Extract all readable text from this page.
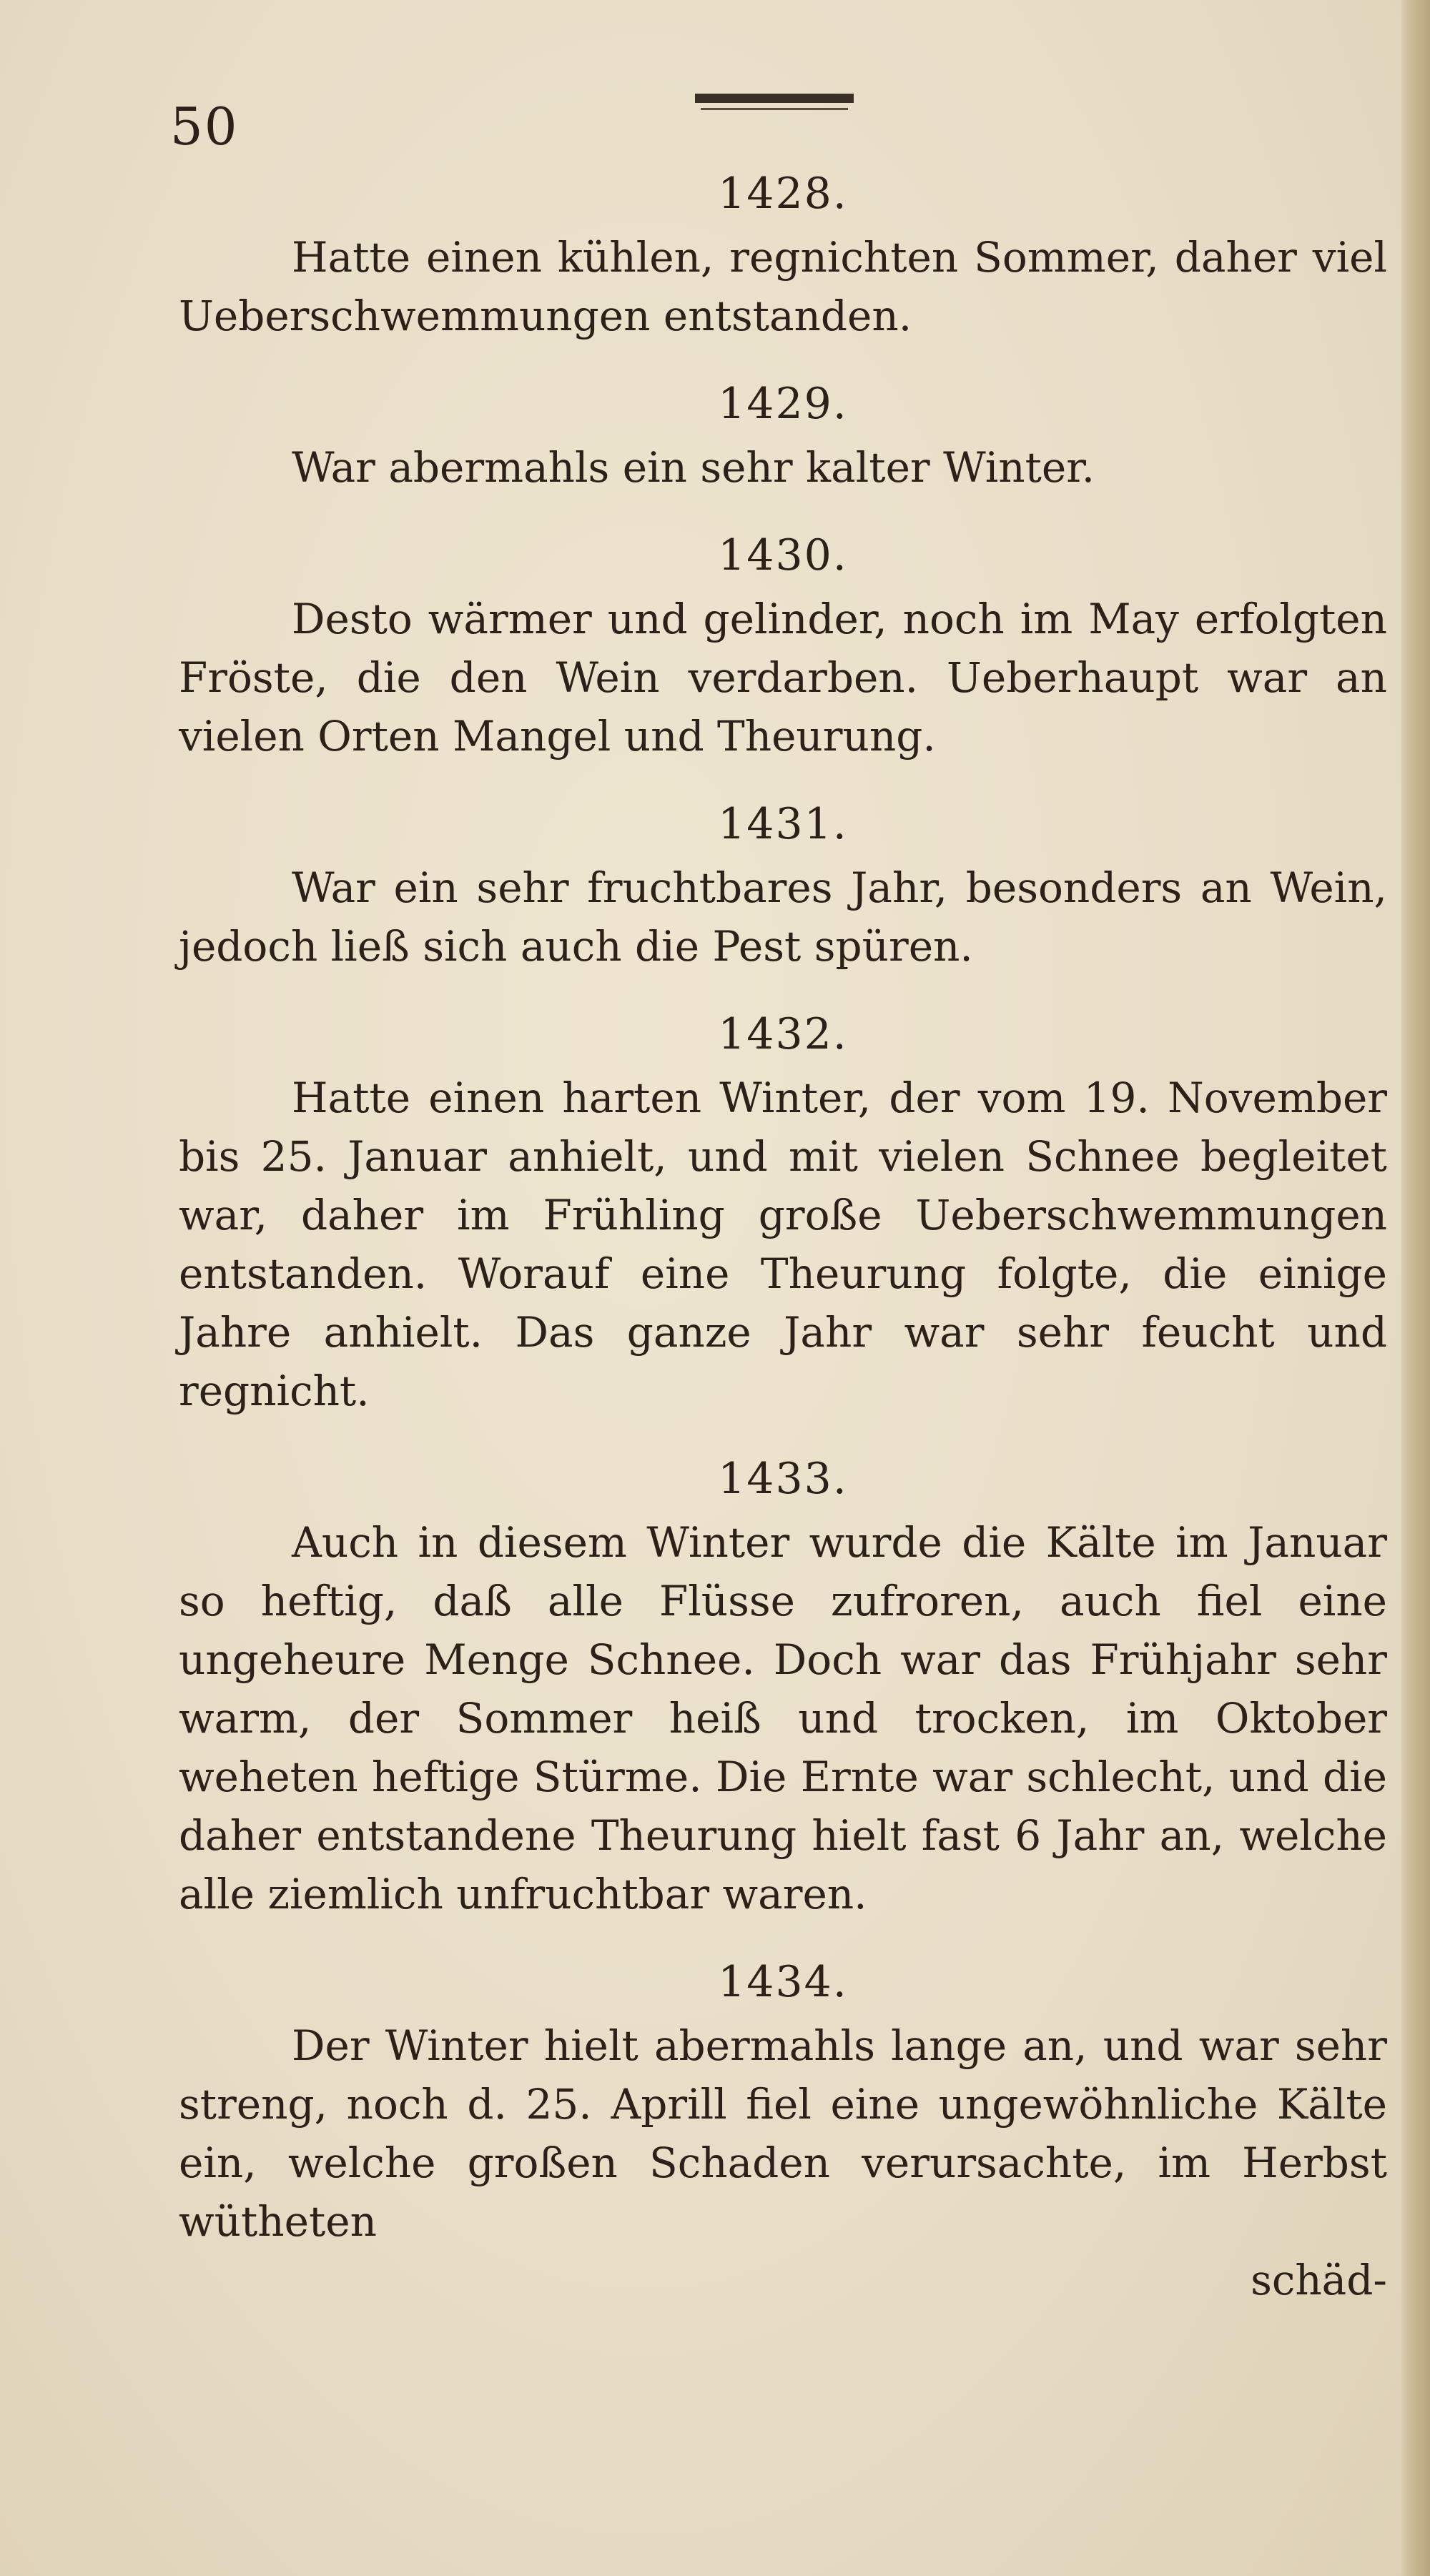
50
1428.

Hatte einen kühlen, regnichten Sommer, daher viel Ueberschwemmungen entstanden.

1429.

War abermahls ein sehr kalter Winter.

1430.

Desto wärmer und gelinder, noch im May erfolgten Fröste, die den Wein verdarben. Ueberhaupt war an vielen Orten Mangel und Theurung.

1431.

War ein sehr fruchtbares Jahr, besonders an Wein, jedoch ließ sich auch die Pest spüren.

1432.

Hatte einen harten Winter, der vom 19. November bis 25. Januar anhielt, und mit vielen Schnee begleitet war, daher im Frühling große Ueberschwemmungen entstanden. Worauf eine Theurung folgte, die einige Jahre anhielt. Das ganze Jahr war sehr feucht und regnicht.

1433.

Auch in diesem Winter wurde die Kälte im Januar so heftig, daß alle Flüsse zufroren, auch fiel eine ungeheure Menge Schnee. Doch war das Frühjahr sehr warm, der Sommer heiß und trocken, im Oktober weheten heftige Stürme. Die Ernte war schlecht, und die daher entstandene Theurung hielt fast 6 Jahr an, welche alle ziemlich unfruchtbar waren.

1434.

Der Winter hielt abermahls lange an, und war sehr streng, noch d. 25. Aprill fiel eine ungewöhnliche Kälte ein, welche großen Schaden verursachte, im Herbst wütheten

schäd-
